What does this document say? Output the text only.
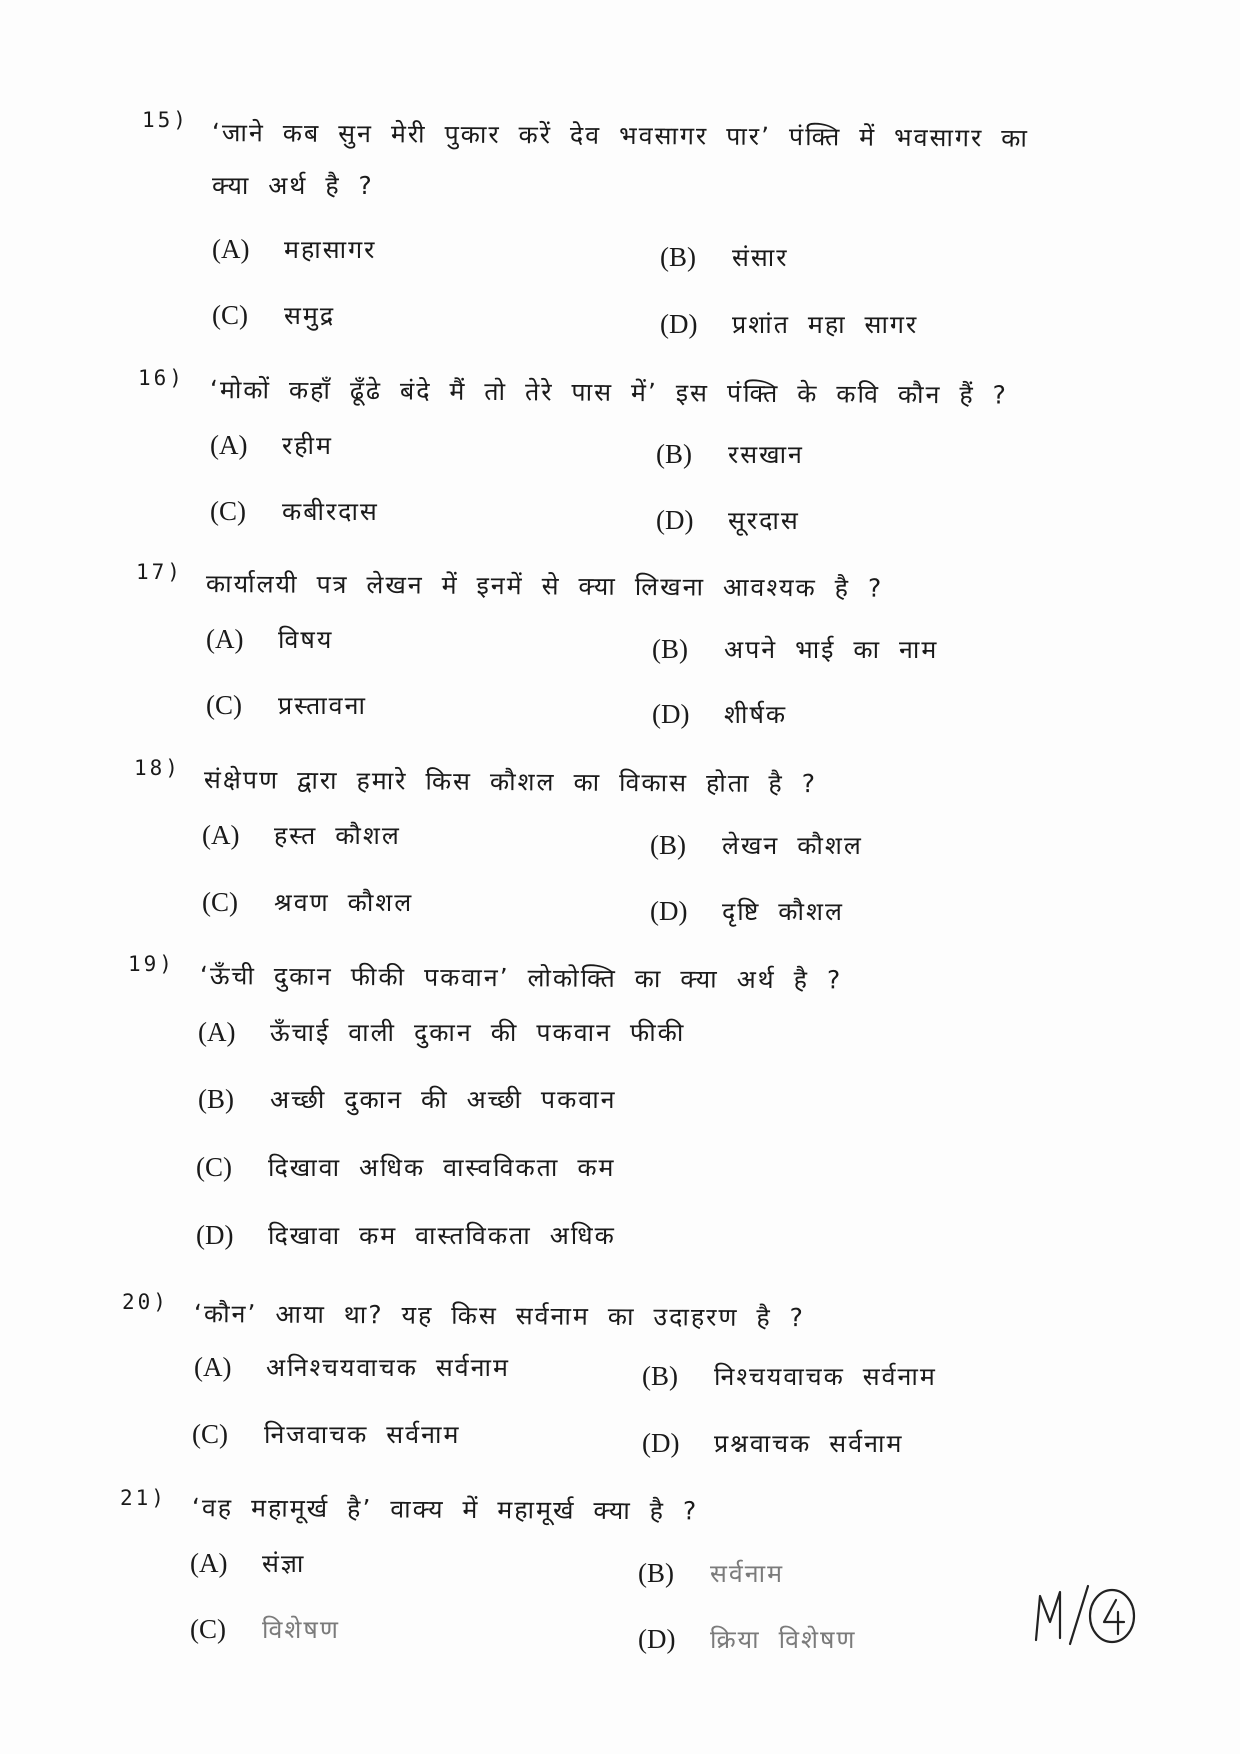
15) ‘जाने कब सुन मेरी पुकार करें देव भवसागर पार’ पंक्ति में भवसागर का
क्या अर्थ है ?
(A) महासागर	(B) संसार
(C) समुद्र	(D) प्रशांत महा सागर
16) ‘मोकों कहाँ ढूँढे बंदे मैं तो तेरे पास में’ इस पंक्ति के कवि कौन हैं ?
(A) रहीम	(B) रसखान
(C) कबीरदास	(D) सूरदास
17) कार्यालयी पत्र लेखन में इनमें से क्या लिखना आवश्यक है ?
(A) विषय	(B) अपने भाई का नाम
(C) प्रस्तावना	(D) शीर्षक
18) संक्षेपण द्वारा हमारे किस कौशल का विकास होता है ?
(A) हस्त कौशल	(B) लेखन कौशल
(C) श्रवण कौशल	(D) दृष्टि कौशल
19) ‘ऊँची दुकान फीकी पकवान’ लोकोक्ति का क्या अर्थ है ?
(A) ऊँचाई वाली दुकान की पकवान फीकी
(B) अच्छी दुकान की अच्छी पकवान
(C) दिखावा अधिक वास्वविकता कम
(D) दिखावा कम वास्तविकता अधिक
20) ‘कौन’ आया था? यह किस सर्वनाम का उदाहरण है ?
(A) अनिश्चयवाचक सर्वनाम	(B) निश्चयवाचक सर्वनाम
(C) निजवाचक सर्वनाम	(D) प्रश्नवाचक सर्वनाम
21) ‘वह महामूर्ख है’ वाक्य में महामूर्ख क्या है ?
(A) संज्ञा	(B) सर्वनाम
(C) विशेषण	(D) क्रिया विशेषण
